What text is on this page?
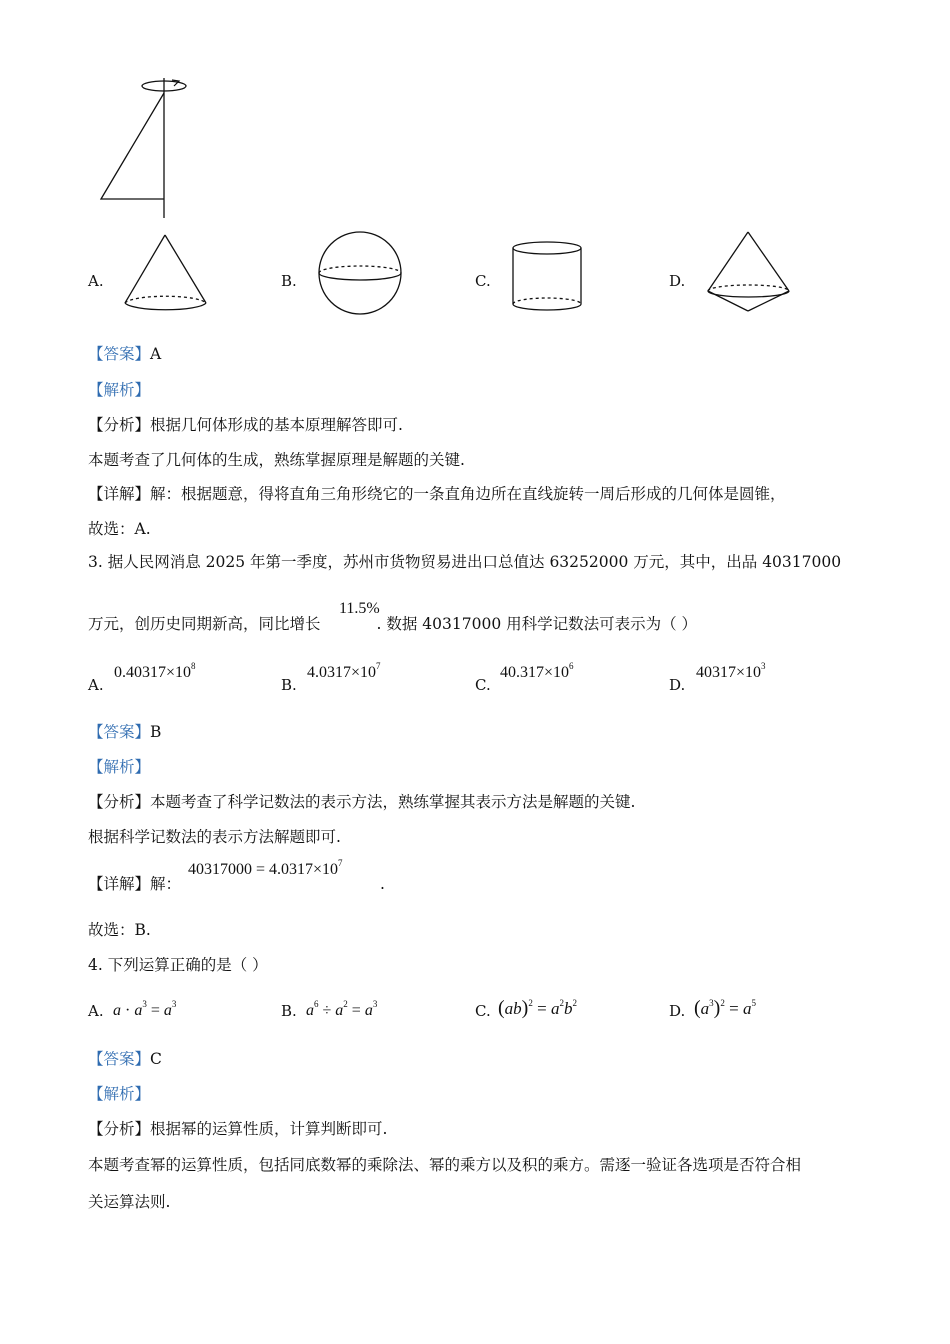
A.	B.	C.	D.
【答案】A
【解析】
【分析】根据几何体形成的基本原理解答即可.
本题考查了几何体的生成，熟练掌握原理是解题的关键.
【详解】解：根据题意，得将直角三角形绕它的一条直角边所在直线旋转一周后形成的几何体是圆锥，
故选：A.
3. 据人民网消息 2025 年第一季度，苏州市货物贸易进出口总值达 63252000 万元，其中，出品 40317000
11.5%
万元，创历史同期新高，同比增长	. 数据 40317000 用科学记数法可表示为（ ）
A.
$0.40317\times 10^8$
B.
$4.0317\times 10^7$
C.
$40.317\times 10^6$
D.
$40317\times 10^3$
【答案】B
【解析】
【分析】本题考查了科学记数法的表示方法，熟练掌握其表示方法是解题的关键.
根据科学记数法的表示方法解题即可.
【详解】解：
$40317000 = 4.0317\times 10^7$
.
故选：B.
4. 下列运算正确的是（ ）
A. $a \cdot a^3 = a^3$	B. $a^6 \div a^2 = a^3$	C. $(ab)^2 = a^2b^2$	D. $(a^3)^2 = a^5$
【答案】C
【解析】
【分析】根据幂的运算性质，计算判断即可.
本题考查幂的运算性质，包括同底数幂的乘除法、幂的乘方以及积的乘方。需逐一验证各选项是否符合相
关运算法则.
